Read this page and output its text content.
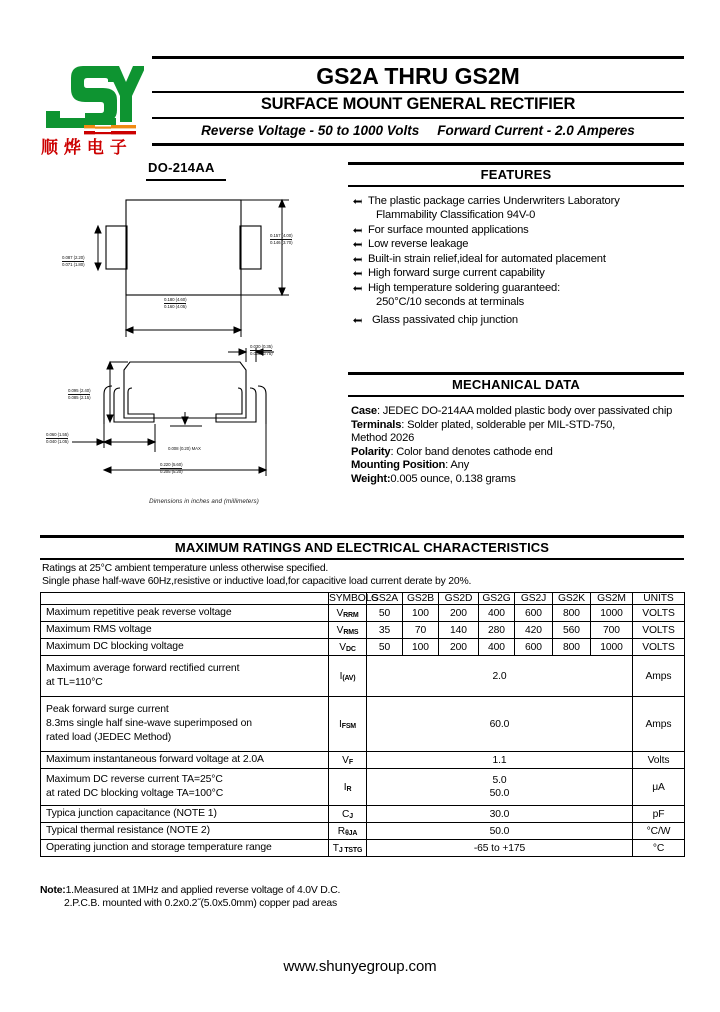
顺 烨 电 子
GS2A THRU GS2M
SURFACE MOUNT GENERAL RECTIFIER
Reverse Voltage - 50 to 1000 Volts Forward Current - 2.0 Amperes
DO-214AA
0.087 (2.20)
0.071 (1.80)
0.157 (4.00)
0.146 (3.70)
0.180 (4.60)
0.160 (4.05)
0.030 (0.35)
0.028 (0.75)
0.095 (2.40)
0.085 (2.15)
0.060 (1.55)
0.040 (1.05)
0.008 (0.20) MAX
0.220 (5.60)
0.205 (5.20)
Dimensions in inches and (millimeters)
FEATURES
The plastic package carries Underwriters Laboratory
Flammability Classification 94V-0
For surface mounted applications
Low reverse leakage
Built-in strain relief,ideal for automated placement
High forward surge current capability
High temperature soldering guaranteed:
250°C/10 seconds at terminals
Glass passivated chip junction
MECHANICAL DATA
Case: JEDEC DO-214AA molded plastic body over passivated chip
Terminals: Solder plated, solderable per MIL-STD-750,
Method 2026
Polarity: Color band denotes cathode end
Mounting Position: Any
Weight:0.005 ounce, 0.138 grams
MAXIMUM RATINGS AND ELECTRICAL CHARACTERISTICS
Ratings at 25°C ambient temperature unless otherwise specified.
Single phase half-wave 60Hz,resistive or inductive load,for capacitive load current derate by 20%.
	SYMBOLS	GS2A	GS2B	GS2D	GS2G	GS2J	GS2K	GS2M	UNITS
Maximum repetitive peak reverse voltage	$V_{RRM}$	50	100	200	400	600	800	1000	VOLTS
Maximum RMS voltage	$V_{RMS}$	35	70	140	280	420	560	700	VOLTS
Maximum DC blocking voltage	$V_{DC}$	50	100	200	400	600	800	1000	VOLTS

Maximum average forward rectified current
at TL=110°C	$I_{(AV)}$	2.0							Amps

Peak forward surge current
8.3ms single half sine-wave superimposed on
rated load (JEDEC Method)	$I_{FSM}$	60.0							Amps
Maximum instantaneous forward voltage at 2.0A	$V_F$	1.1							Volts

Maximum DC reverse current TA=25°C
at rated DC blocking voltage TA=100°C	$I_R$	5.0
50.0							μA
Typica junction capacitance (NOTE 1)	$C_J$	30.0							pF
Typical thermal resistance (NOTE 2)	$R_{\theta JA}$	50.0							°C/W
Operating junction and storage temperature range	$T_{J TSTG}$	-65 to +175							°C
Note:1.Measured at 1MHz and applied reverse voltage of 4.0V D.C.
2.P.C.B. mounted with 0.2x0.2˝(5.0x5.0mm) copper pad areas
www.shunyegroup.com
